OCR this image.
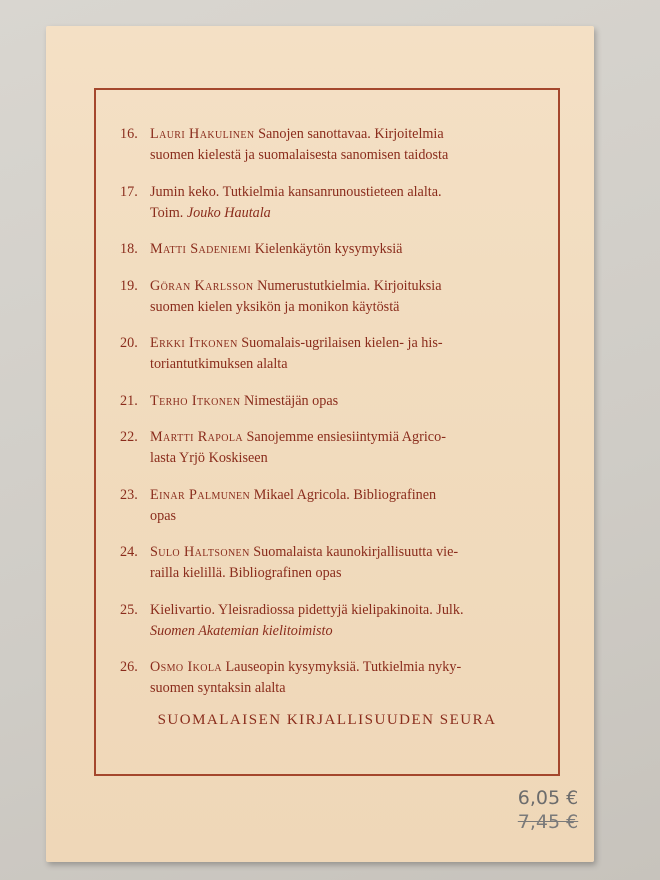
16. Lauri Hakulinen Sanojen sanottavaa. Kirjoitelmia
suomen kielestä ja suomalaisesta sanomisen taidosta
17. Jumin keko. Tutkielmia kansanrunoustieteen alalta.
Toim. Jouko Hautala
18. Matti Sadeniemi Kielenkäytön kysymyksiä
19. Göran Karlsson Numerustutkielmia. Kirjoituksia
suomen kielen yksikön ja monikon käytöstä
20. Erkki Itkonen Suomalais-ugrilaisen kielen- ja his-
toriantutkimuksen alalta
21. Terho Itkonen Nimestäjän opas
22. Martti Rapola Sanojemme ensiesiintymiä Agrico-
lasta Yrjö Koskiseen
23. Einar Palmunen Mikael Agricola. Bibliografinen
opas
24. Sulo Haltsonen Suomalaista kaunokirjallisuutta vie-
railla kielillä. Bibliografinen opas
25. Kielivartio. Yleisradiossa pidettyjä kielipakinoita. Julk.
Suomen Akatemian kielitoimisto
26. Osmo Ikola Lauseopin kysymyksiä. Tutkielmia nyky-
suomen syntaksin alalta
SUOMALAISEN KIRJALLISUUDEN SEURA
6,05 €
7,45 €
